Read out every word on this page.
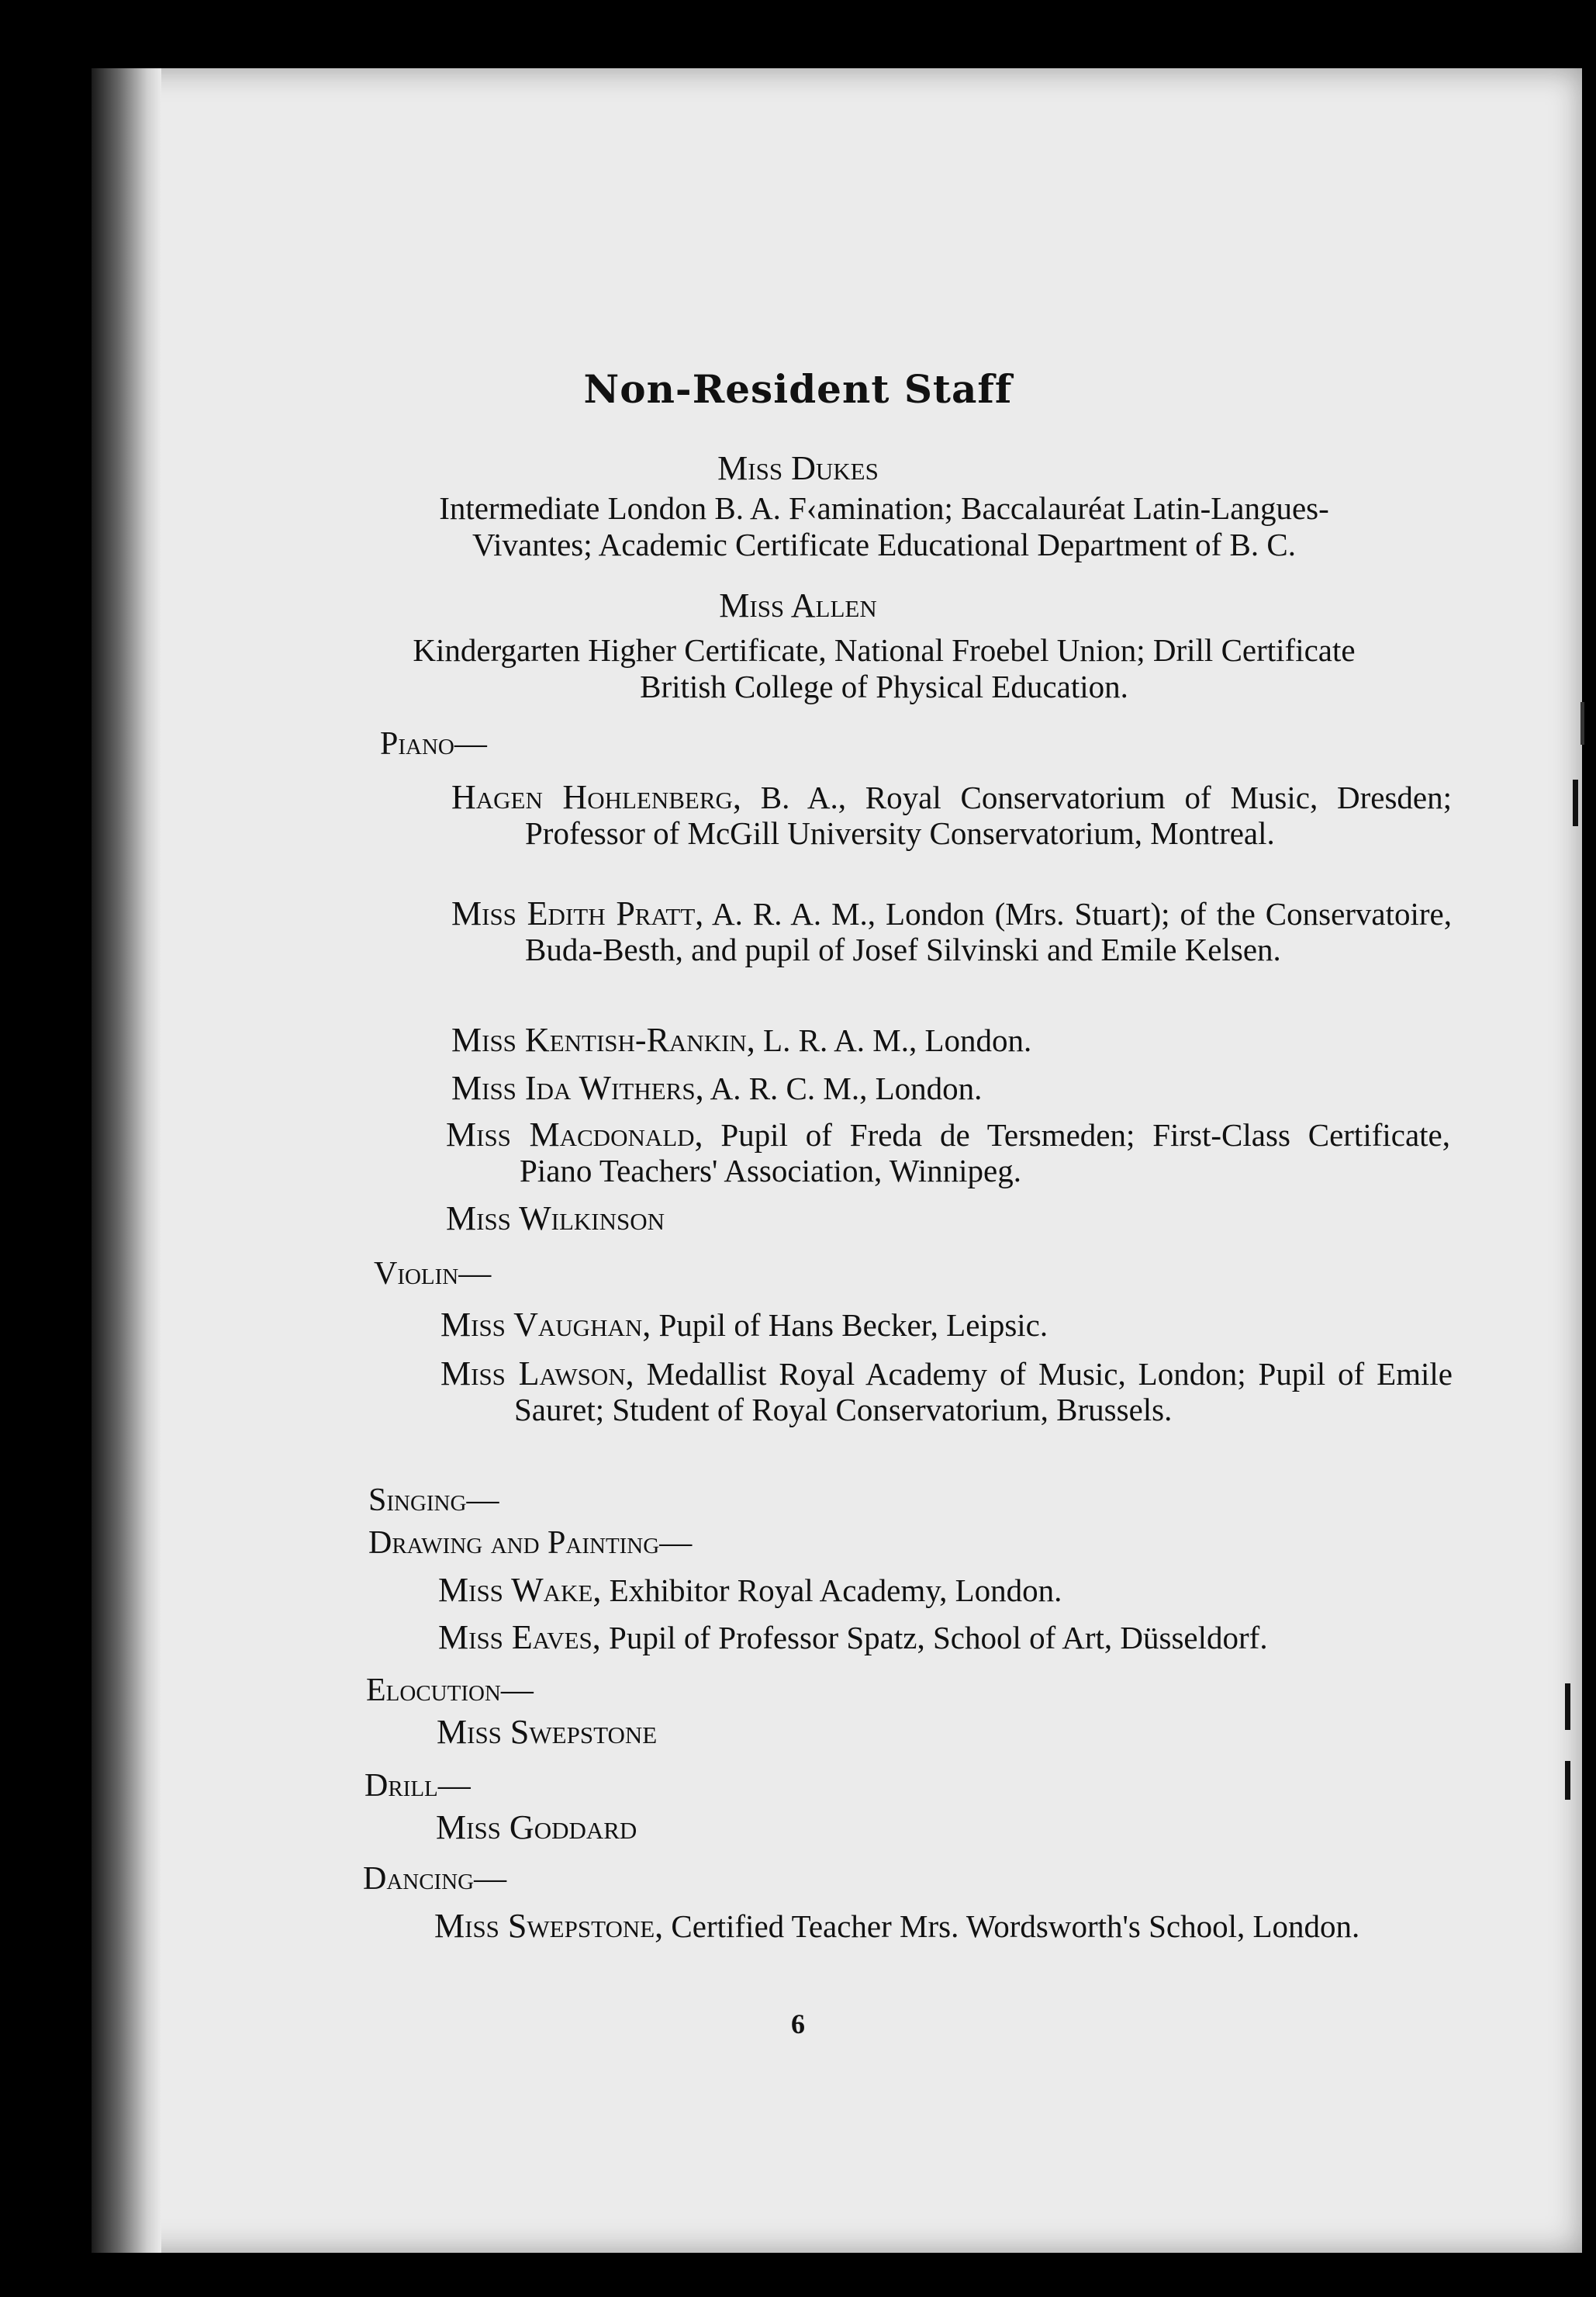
Non-Resident Staff
Miss Dukes
Intermediate London B. A. F‹amination; Baccalauréat Latin-Langues-Vivantes; Academic Certificate Educational Department of B. C.
Miss Allen
Kindergarten Higher Certificate, National Froebel Union; Drill Certificate British College of Physical Education.
Piano—
Hagen Hohlenberg, B. A., Royal Conservatorium of Music, Dresden; Professor of McGill University Conservatorium, Montreal.
Miss Edith Pratt, A. R. A. M., London (Mrs. Stuart); of the Conservatoire, Buda-Besth, and pupil of Josef Silvinski and Emile Kelsen.
Miss Kentish-Rankin, L. R. A. M., London.
Miss Ida Withers, A. R. C. M., London.
Miss Macdonald, Pupil of Freda de Tersmeden; First-Class Certificate, Piano Teachers' Association, Winnipeg.
Miss Wilkinson
Violin—
Miss Vaughan, Pupil of Hans Becker, Leipsic.
Miss Lawson, Medallist Royal Academy of Music, London; Pupil of Emile Sauret; Student of Royal Conservatorium, Brussels.
Singing—
Drawing and Painting—
Miss Wake, Exhibitor Royal Academy, London.
Miss Eaves, Pupil of Professor Spatz, School of Art, Düsseldorf.
Elocution—
Miss Swepstone
Drill—
Miss Goddard
Dancing—
Miss Swepstone, Certified Teacher Mrs. Wordsworth's School, London.
6
